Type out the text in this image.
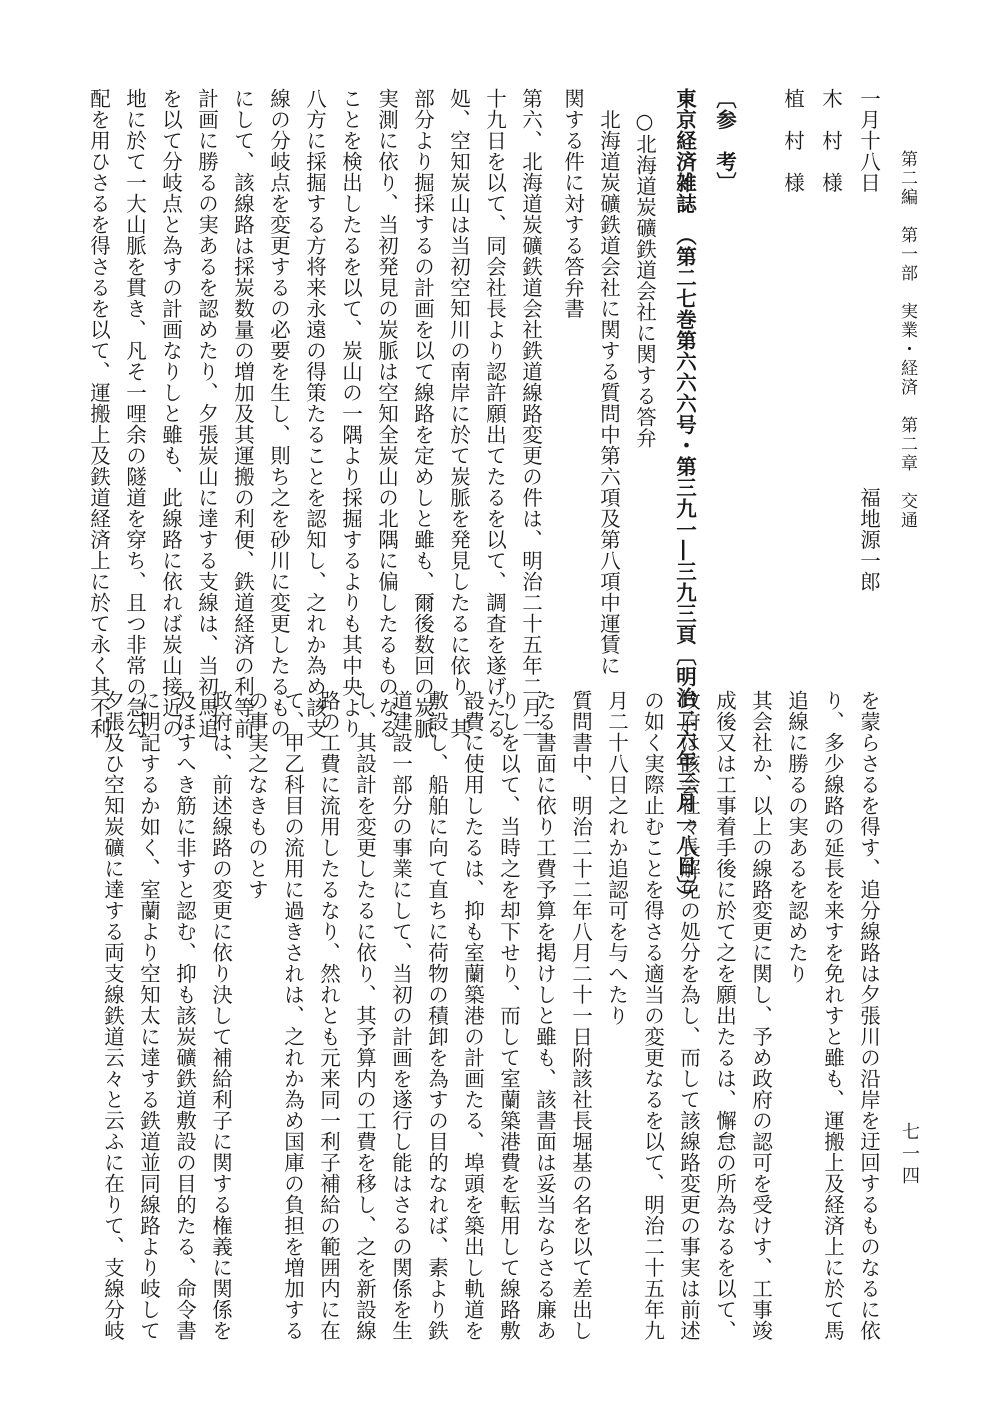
第二編　第一部　実業・経済　第二章　交通
七一四
一月十八日　　　　　　　　　　　　　　福地源一郎
木　村　様
植　村　様
〔参　考〕
東京経済雑誌　（第二七巻第六六六号・第三九一―三九三頁〔明治二六年三月一八日〕）
　○北海道炭礦鉄道会社に関する答弁
　北海道炭礦鉄道会社に関する質問中第六項及第八項中運賃に
関する件に対する答弁書
第六、北海道炭礦鉄道会社鉄道線路変更の件は、明治二十五年二月二
十九日を以て、同会社長より認許願出てたるを以て、調査を遂げたる
処、空知炭山は当初空知川の南岸に於て炭脈を発見したるに依り、其
部分より掘採するの計画を以て線路を定めしと雖も、爾後数回の炭脈
実測に依り、当初発見の炭脈は空知全炭山の北隅に偏したるものなる
ことを検出したるを以て、炭山の一隅より採掘するよりも其中央より
八方に採掘する方将来永遠の得策たることを認知し、之れか為め該支
線の分岐点を変更するの必要を生し、則ち之を砂川に変更したるもの
にして、該線路は採炭数量の増加及其運搬の利便、鉄道経済の利等前
計画に勝るの実あるを認めたり、夕張炭山に達する支線は、当初馬追
を以て分岐点と為すの計画なりしと雖も、此線路に依れば炭山接近の
地に於て一大山脈を貫き、凡そ一哩余の隧道を穿ち、且つ非常の急勾
配を用ひさるを得さるを以て、運搬上及鉄道経済上に於て永く其不利
を蒙らさるを得す、追分線路は夕張川の沿岸を迂回するものなるに依
り、多少線路の延長を来すを免れすと雖も、運搬上及経済上に於て馬
追線に勝るの実あるを認めたり
其会社か、以上の線路変更に関し、予め政府の認可を受けす、工事竣
成後又は工事着手後に於て之を願出たるは、懈怠の所為なるを以て、
政府は該会社々長解免の処分を為し、而して該線路変更の事実は前述
の如く実際止むことを得さる適当の変更なるを以て、明治二十五年九
月二十八日之れか追認可を与へたり
質問書中、明治二十二年八月二十一日附該社長堀基の名を以て差出し
たる書面に依り工費予算を掲けしと雖も、該書面は妥当ならさる廉あ
りしを以て、当時之を却下せり、而して室蘭築港費を転用して線路敷
設費に使用したるは、抑も室蘭築港の計画たる、埠頭を築出し軌道を
敷設し、船舶に向て直ちに荷物の積卸を為すの目的なれば、素より鉄
道建設一部分の事業にして、当初の計画を遂行し能はさるの関係を生
し、其設計を変更したるに依り、其予算内の工費を移し、之を新設線
路の工費に流用したるなり、然れとも元来同一利子補給の範囲内に在
て、甲乙科目の流用に過きされは、之れか為め国庫の負担を増加する
の事実之なきものとす
政府は、前述線路の変更に依り決して補給利子に関する権義に関係を
及ほすへき筋に非すと認む、抑も該炭礦鉄道敷設の目的たる、命令書
に明記するか如く、室蘭より空知太に達する鉄道並同線路より岐して
夕張及ひ空知炭礦に達する両支線鉄道云々と云ふに在りて、支線分岐
